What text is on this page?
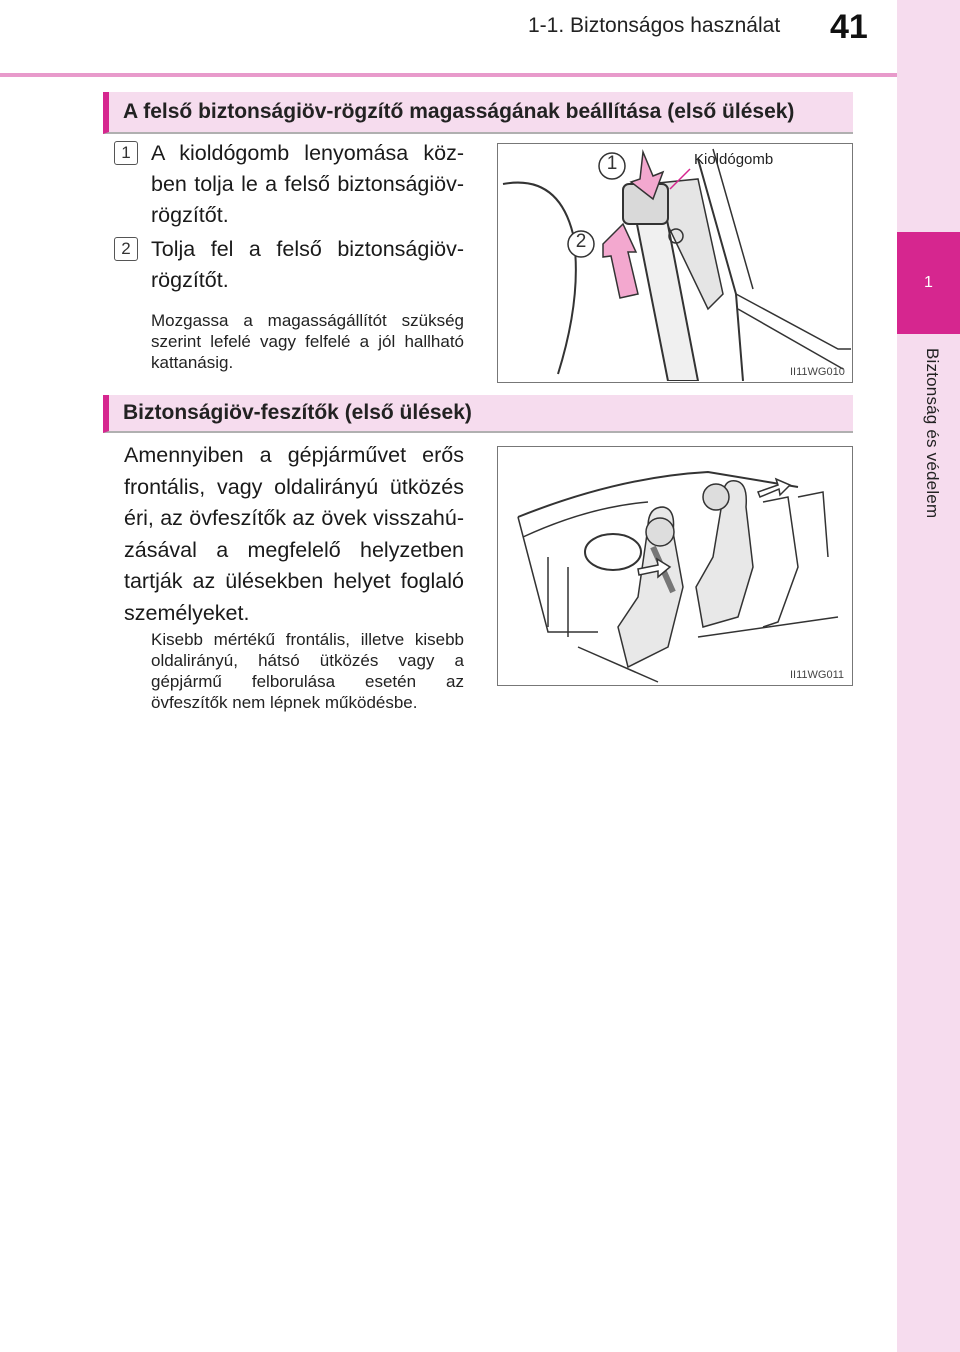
1-1. Biztonságos használat 41
1
Biztonság és védelem
A felső biztonságiöv-rögzítő magasságának beállítása (első ülések)
1 A kioldógomb lenyomása közben tolja le a felső biztonságiöv-rögzítőt.
2 Tolja fel a felső biztonságiöv-rögzítőt.
Mozgassa a magasságállítót szükség szerint lefelé vagy felfelé a jól hallható kattanásig.
1
2
Kioldógomb
II11WG010
Biztonságiöv-feszítők (első ülések)
Amennyiben a gépjárművet erős frontális, vagy oldalirányú ütközés éri, az övfeszítők az övek visszahúzásával a megfelelő helyzetben tartják az ülésekben helyet foglaló személyeket.
Kisebb mértékű frontális, illetve kisebb oldalirányú, hátsó ütközés vagy a gépjármű felborulása esetén az övfeszítők nem lépnek működésbe.
II11WG011
